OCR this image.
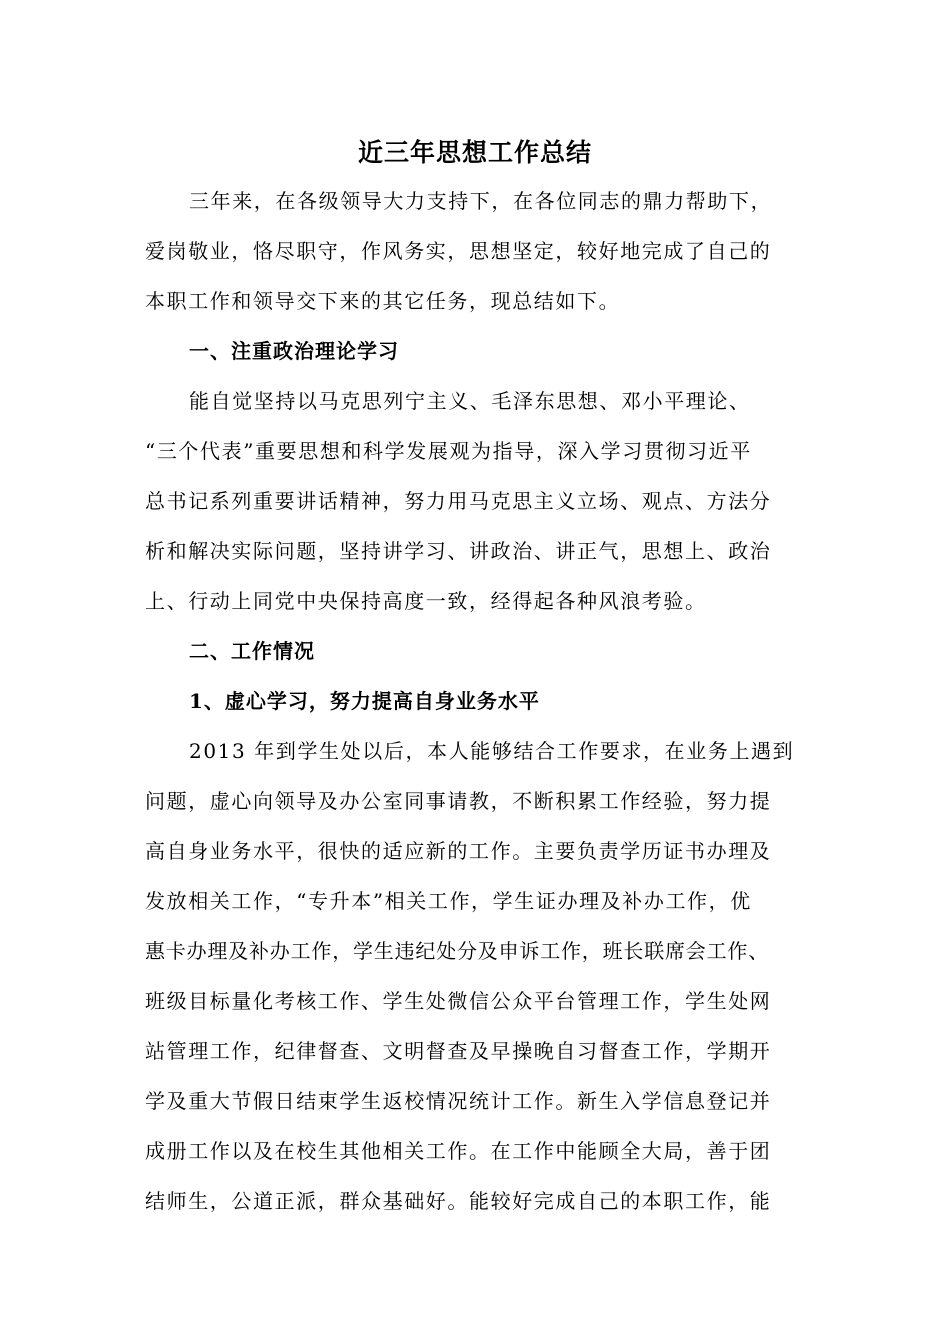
近三年思想工作总结
三年来，在各级领导大力支持下，在各位同志的鼎力帮助下，
爱岗敬业，恪尽职守，作风务实，思想坚定，较好地完成了自己的
本职工作和领导交下来的其它任务，现总结如下。
一、注重政治理论学习
能自觉坚持以马克思列宁主义、毛泽东思想、邓小平理论、
“三个代表”重要思想和科学发展观为指导，深入学习贯彻习近平
总书记系列重要讲话精神，努力用马克思主义立场、观点、方法分
析和解决实际问题，坚持讲学习、讲政治、讲正气，思想上、政治
上、行动上同党中央保持高度一致，经得起各种风浪考验。
二、工作情况
1、虚心学习，努力提高自身业务水平
2013 年到学生处以后，本人能够结合工作要求，在业务上遇到
问题，虚心向领导及办公室同事请教，不断积累工作经验，努力提
高自身业务水平，很快的适应新的工作。主要负责学历证书办理及
发放相关工作，“专升本”相关工作，学生证办理及补办工作，优
惠卡办理及补办工作，学生违纪处分及申诉工作，班长联席会工作、
班级目标量化考核工作、学生处微信公众平台管理工作，学生处网
站管理工作，纪律督查、文明督查及早操晚自习督查工作，学期开
学及重大节假日结束学生返校情况统计工作。新生入学信息登记并
成册工作以及在校生其他相关工作。在工作中能顾全大局，善于团
结师生，公道正派，群众基础好。能较好完成自己的本职工作，能
